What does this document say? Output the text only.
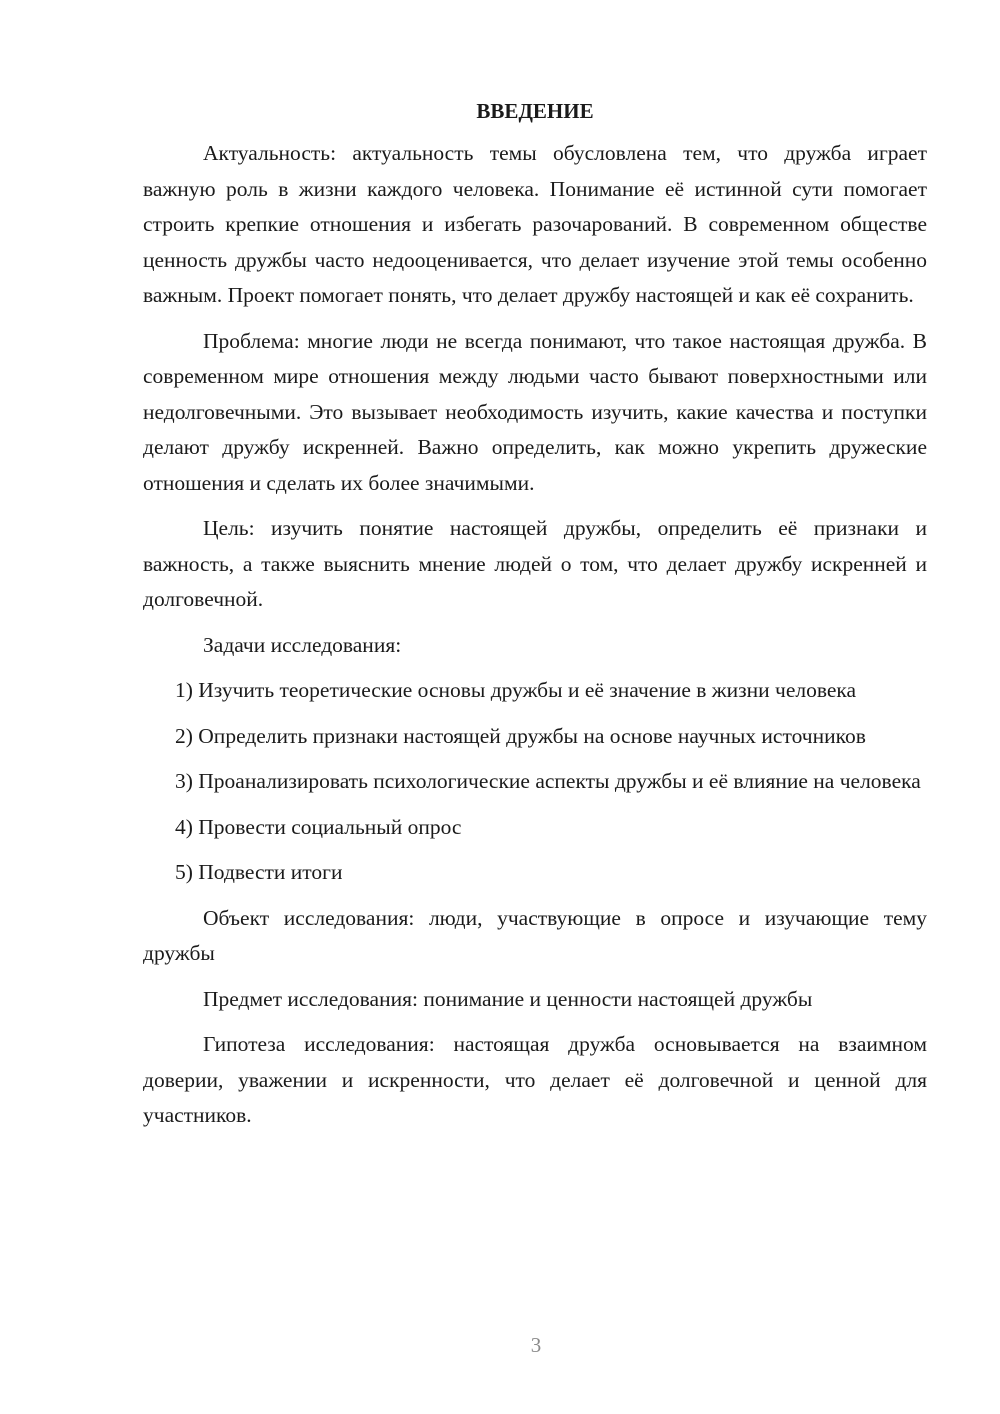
ВВЕДЕНИЕ

Актуальность: актуальность темы обусловлена тем, что дружба играет важную роль в жизни каждого человека. Понимание её истинной сути помогает строить крепкие отношения и избегать разочарований. В современном обществе ценность дружбы часто недооценивается, что делает изучение этой темы особенно важным. Проект помогает понять, что делает дружбу настоящей и как её сохранить.

Проблема: многие люди не всегда понимают, что такое настоящая дружба. В современном мире отношения между людьми часто бывают поверхностными или недолговечными. Это вызывает необходимость изучить, какие качества и поступки делают дружбу искренней. Важно определить, как можно укрепить дружеские отношения и сделать их более значимыми.

Цель: изучить понятие настоящей дружбы, определить её признаки и важность, а также выяснить мнение людей о том, что делает дружбу искренней и долговечной.

Задачи исследования:

1) Изучить теоретические основы дружбы и её значение в жизни человека

2) Определить признаки настоящей дружбы на основе научных источников

3) Проанализировать психологические аспекты дружбы и её влияние на человека

4) Провести социальный опрос

5) Подвести итоги

Объект исследования: люди, участвующие в опросе и изучающие тему дружбы

Предмет исследования: понимание и ценности настоящей дружбы

Гипотеза исследования: настоящая дружба основывается на взаимном доверии, уважении и искренности, что делает её долговечной и ценной для участников.

3
